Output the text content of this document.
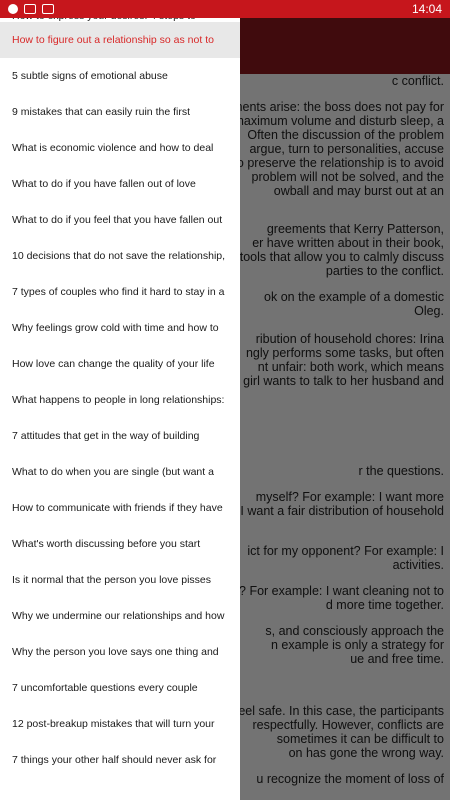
14:04
How to figure out a relationship so as not to
5 subtle signs of emotional abuse
9 mistakes that can easily ruin the first
What is economic violence and how to deal
What to do if you have fallen out of love
What to do if you feel that you have fallen out
10 decisions that do not save the relationship,
7 types of couples who find it hard to stay in a
Why feelings grow cold with time and how to
How love can change the quality of your life
What happens to people in long relationships:
7 attitudes that get in the way of building
What to do when you are single (but want a
How to communicate with friends if they have
What's worth discussing before you start
Is it normal that the person you love pisses
Why we undermine our relationships and how
Why the person you love says one thing and
7 uncomfortable questions every couple
12 post-breakup mistakes that will turn your
7 things your other half should never ask for
